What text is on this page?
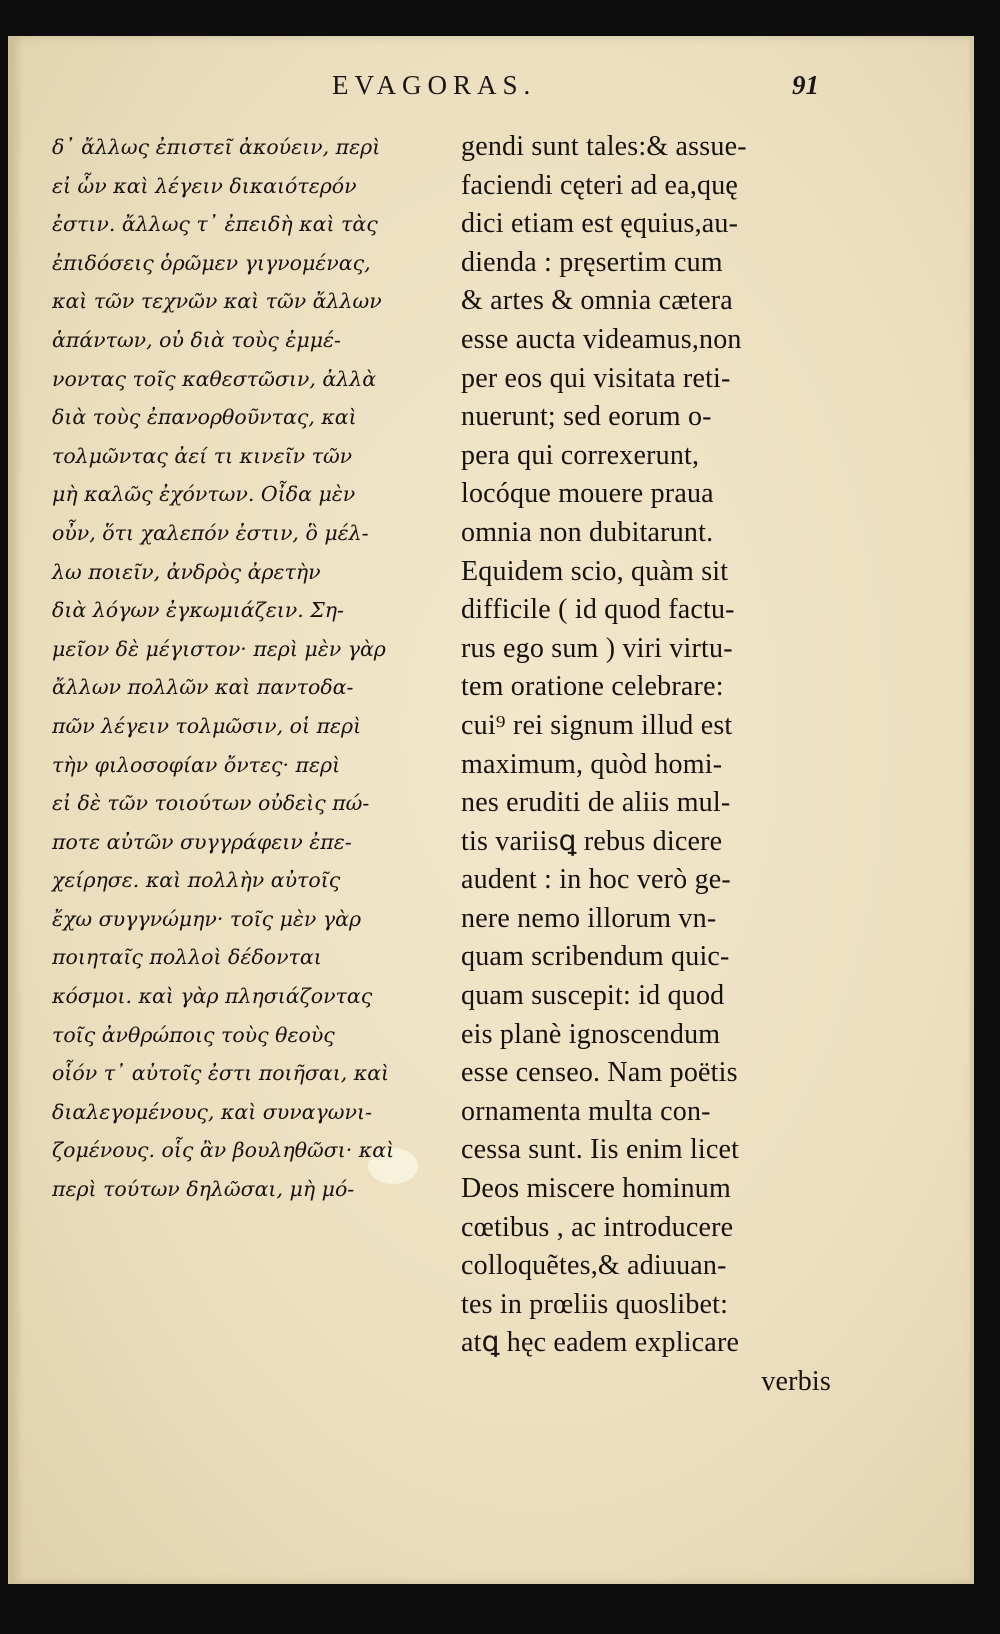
EVAGORAS.	91
δ᾽ ἄλλως ἐπιστεῖ ἀκούειν, περὶ
εἰ ὧν καὶ λέγειν δικαιότερόν
ἐστιν. ἄλλως τ᾽ ἐπειδὴ καὶ τὰς
ἐπιδόσεις ὁρῶμεν γιγνομένας,
καὶ τῶν τεχνῶν καὶ τῶν ἄλλων
ἁπάντων, οὐ διὰ τοὺς ἐμμέ-
νοντας τοῖς καθεστῶσιν, ἀλλὰ
διὰ τοὺς ἐπανορθοῦντας, καὶ
τολμῶντας ἀεί τι κινεῖν τῶν
μὴ καλῶς ἐχόντων. Οἶδα μὲν
οὖν, ὅτι χαλεπόν ἐστιν, ὃ μέλ-
λω ποιεῖν, ἀνδρὸς ἀρετὴν
διὰ λόγων ἐγκωμιάζειν. Ση-
μεῖον δὲ μέγιστον· περὶ μὲν γὰρ
ἄλλων πολλῶν καὶ παντοδα-
πῶν λέγειν τολμῶσιν, οἱ περὶ
τὴν φιλοσοφίαν ὄντες· περὶ
εἰ δὲ τῶν τοιούτων οὐδεὶς πώ-
ποτε αὐτῶν συγγράφειν ἐπε-
χείρησε. καὶ πολλὴν αὐτοῖς
ἔχω συγγνώμην· τοῖς μὲν γὰρ
ποιηταῖς πολλοὶ δέδονται
κόσμοι. καὶ γὰρ πλησιάζοντας
τοῖς ἀνθρώποις τοὺς θεοὺς
οἷόν τ᾽ αὐτοῖς ἐστι ποιῆσαι, καὶ
διαλεγομένους, καὶ συναγωνι-
ζομένους. οἷς ἂν βουληθῶσι· καὶ
περὶ τούτων δηλῶσαι, μὴ μό-
gendi sunt tales:& assue-
faciendi cęteri ad ea,quę
dici etiam est ęquius,au-
dienda : pręsertim cum
& artes & omnia cætera
esse aucta videamus,non
per eos qui visitata reti-
nuerunt; sed eorum o-
pera qui correxerunt,
locóque mouere praua
omnia non dubitarunt.
Equidem scio, quàm sit
difficile ( id quod factu-
rus ego sum ) viri virtu-
tem oratione celebrare:
cui⁹ rei signum illud est
maximum, quòd homi-
nes eruditi de aliis mul-
tis variisꝗ rebus dicere
audent : in hoc verò ge-
nere nemo illorum vn-
quam scribendum quic-
quam suscepit: id quod
eis planè ignoscendum
esse censeo. Nam poëtis
ornamenta multa con-
cessa sunt. Iis enim licet
Deos miscere hominum
cœtibus , ac introducere
colloquẽtes,& adiuuan-
tes in prœliis quoslibet:
atꝗ hęc eadem explicare
verbis
